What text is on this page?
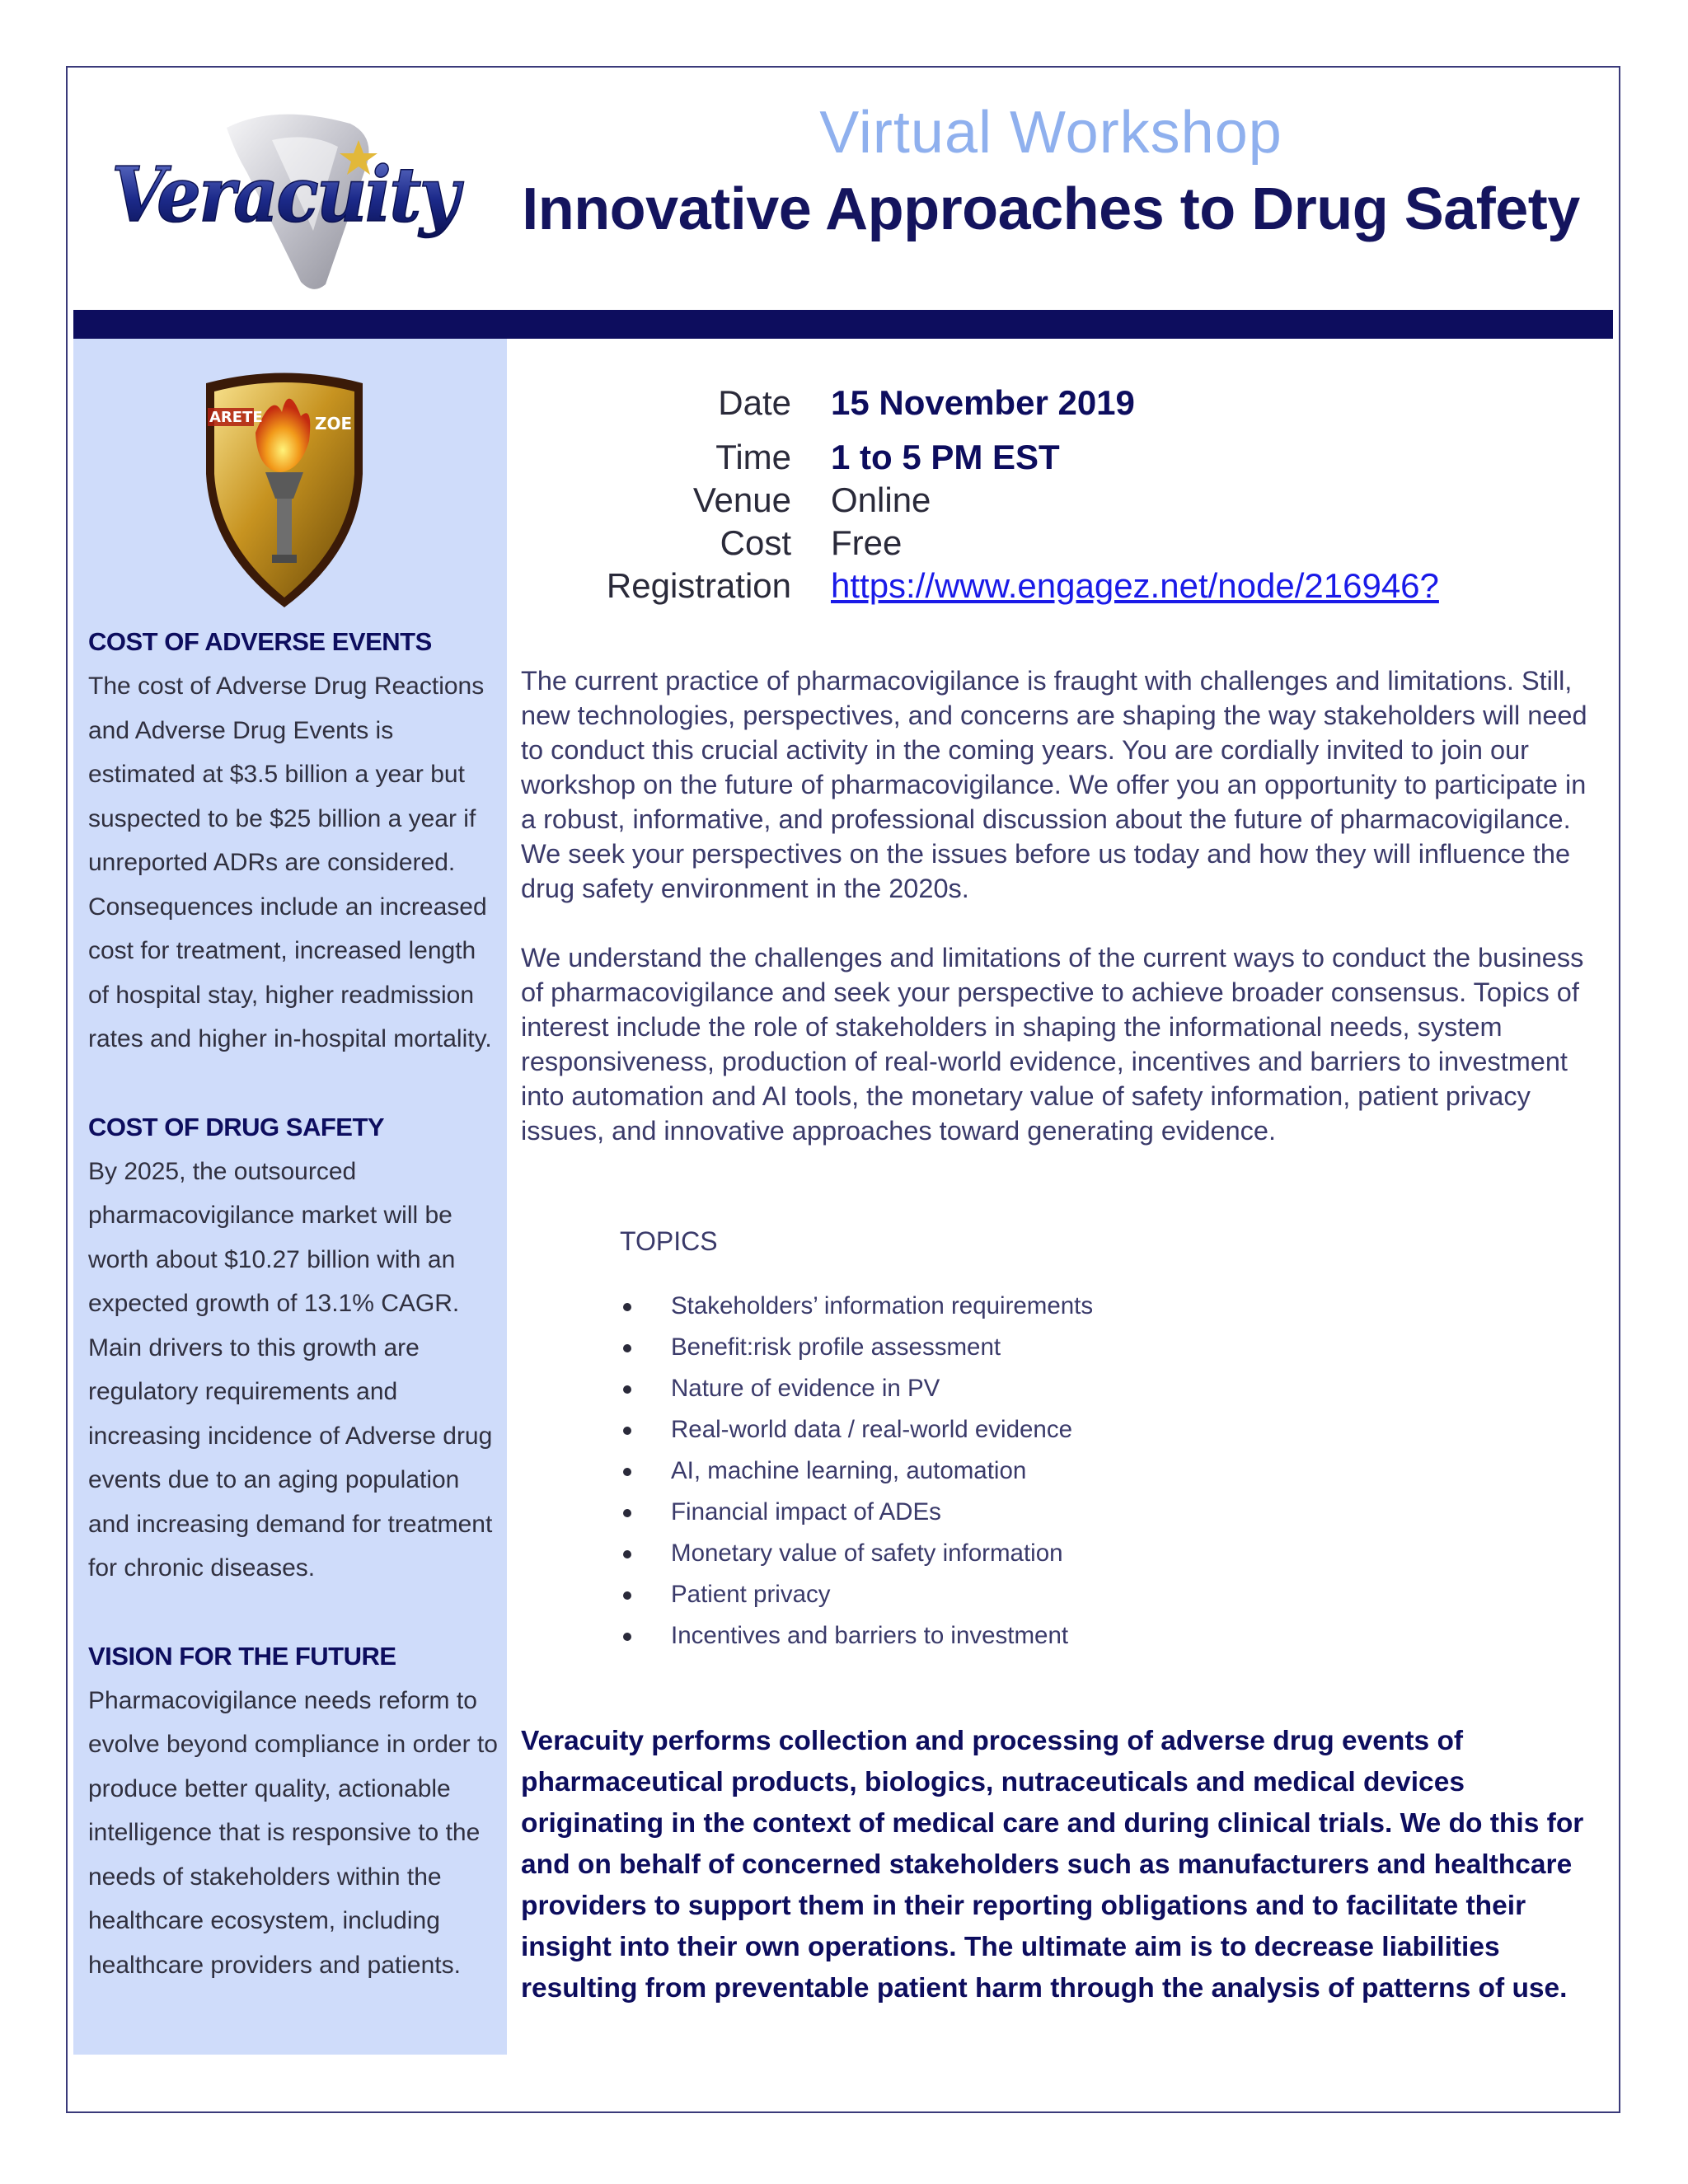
Veracuity
Virtual Workshop
Innovative Approaches to Drug Safety
ARETE	ZOE

COST OF ADVERSE EVENTS

The cost of Adverse Drug Reactions and Adverse Drug Events is estimated at $3.5 billion a year but suspected to be $25 billion a year if unreported ADRs are considered. Consequences include an increased cost for treatment, increased length of hospital stay, higher readmission rates and higher in-hospital mortality.

COST OF DRUG SAFETY

By 2025, the outsourced pharmacovigilance market will be worth about $10.27 billion with an expected growth of 13.1% CAGR. Main drivers to this growth are regulatory requirements and increasing incidence of Adverse drug events due to an aging population and increasing demand for treatment for chronic diseases.

VISION FOR THE FUTURE

Pharmacovigilance needs reform to evolve beyond compliance in order to produce better quality, actionable intelligence that is responsive to the needs of stakeholders within the healthcare ecosystem, including healthcare providers and patients.

Date	15 November 2019
Time	1 to 5 PM EST
Venue	Online
Cost	Free
Registration	https://www.engagez.net/node/216946?

The current practice of pharmacovigilance is fraught with challenges and limitations. Still, new technologies, perspectives, and concerns are shaping the way stakeholders will need to conduct this crucial activity in the coming years. You are cordially invited to join our workshop on the future of pharmacovigilance. We offer you an opportunity to participate in a robust, informative, and professional discussion about the future of pharmacovigilance. We seek your perspectives on the issues before us today and how they will influence the drug safety environment in the 2020s.

We understand the challenges and limitations of the current ways to conduct the business of pharmacovigilance and seek your perspective to achieve broader consensus. Topics of interest include the role of stakeholders in shaping the informational needs, system responsiveness, production of real-world evidence, incentives and barriers to investment into automation and AI tools, the monetary value of safety information, patient privacy issues, and innovative approaches toward generating evidence.

TOPICS
Stakeholders’ information requirements
Benefit:risk profile assessment
Nature of evidence in PV
Real-world data / real-world evidence
AI, machine learning, automation
Financial impact of ADEs
Monetary value of safety information
Patient privacy
Incentives and barriers to investment
Veracuity performs collection and processing of adverse drug events of pharmaceutical products, biologics, nutraceuticals and medical devices originating in the context of medical care and during clinical trials. We do this for and on behalf of concerned stakeholders such as manufacturers and healthcare providers to support them in their reporting obligations and to facilitate their insight into their own operations. The ultimate aim is to decrease liabilities resulting from preventable patient harm through the analysis of patterns of use.
